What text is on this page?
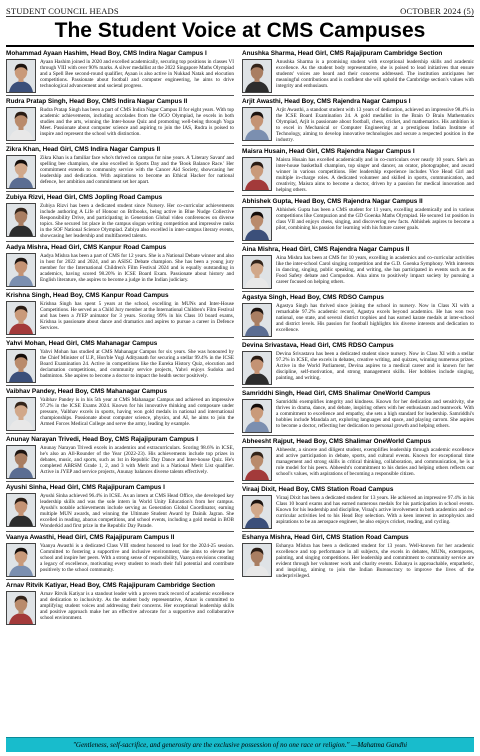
STUDENT COUNCIL HEADS	OCTOBER 2024 (5)
The Student Voice at CMS Campuses
Mohammad Ayaan Hashim, Head Boy, CMS Indira Nagar Campus I
Ayaan Hashim joined in 2020 and excelled academically, securing top positions in classes VI through VIII with over 90% marks. A silver medallist at the 2022 Singapore Maths Olympiad and a Spell Bee second-round qualifier, Ayaan is also active in Nukkad Natak and elocution competitions. Passionate about football and computer engineering, he aims to drive technological advancement and societal progress.
Rudra Pratap Singh, Head Boy, CMS Indira Nagar Campus II
Rudra Pratap Singh has been a part of CMS Indira Nagar Campus II for eight years. With top academic achievements, including accolades from the OGO Olympiad, he excels in both studies and the arts, winning the Inter-house Quiz and promoting well-being through Yoga Meet. Passionate about computer science and aspiring to join the IAS, Rudra is poised to inspire and represent the school with distinction.
Zikra Khan, Head Girl, CMS Indira Nagar Campus II
Zikra Khan is a familiar face who's thrived on campus for nine years. A 'Literary Savant' and spelling bee champion, she also excelled in Sports Day and the 'Book Balance Race.' Her commitment extends to community service with the Cancer Aid Society, showcasing her leadership and dedication. With aspirations to become an Ethical Hacker for national defence, her ambition and commitment set her apart.
Zubiya Rizvi, Head Girl, CMS Jopling Road Campus
Zubiya Rizvi has been a dedicated student since Nursery. Her co-curricular achievements include authoring A Life of Honour on Bribooks, being active in Blue Nudge Collective Responsibility Drive, and participating in Generation Global video conferences on diverse topics. She secured 1st place in the campus slogan writing competition and impressive ranks in the SOF National Science Olympiad. Zubiya also excelled in inter-campus literary events, showcasing her leadership and multifaceted talents.
Aadya Mishra, Head Girl, CMS Kanpur Road Campus
Aadya Mishra has been a part of CMS for 12 years. She is a National Debate winner and also in host for 2022 and 2024, and an ASISC Debate champion. She has been a young jury member for the International Children's Film Festival 2024 and is equally outstanding in academics, having scored 98.20% in ICSE Board Exam. Passionate about history and English literature, she aspires to become a judge in the Indian judiciary.
Krishna Singh, Head Boy, CMS Kanpur Road Campus
Krishna Singh has spent 5 years at the school, excelling in MUNs and Inter-House Competitions. He served as a Child Jury member at the International Children's Film Festival and has been a JYEP animator for 3 years. Scoring 99% in his Class 10 board exams, Krishna is passionate about dance and dramatics and aspires to pursue a career in Defence Services.
Yahvi Mohan, Head Girl, CMS Mahanagar Campus
Yahvi Mohan has studied at CMS Mahanagar Campus for six years. She was honoured by the Chief Minister of U.P., Hon'ble Yogi Adityanath for securing a stellar 99.4% in the ICSE Board Examination 24. Active in competitions like the Eureka History Quiz, elocution and declamation competitions, and community service projects, Yahvi enjoys Sudoku and badminton. She aspires to become a doctor to impact the health sector positively.
Vaibhav Pandey, Head Boy, CMS Mahanagar Campus
Vaibhav Pandey is in his 5th year at CMS Mahanagar Campus and achieved an impressive 97.2% in the ICSE Exams 2024. Known for his innovative thinking and composure under pressure, Vaibhav excels in sports, having won gold medals in national and international championships. Passionate about computer science, physics, and AI, he aims to join the Armed Forces Medical College and serve the army, leading by example.
Anunay Narayan Trivedi, Head Boy, CMS Rajajipuram Campus I
Anunay Narayan Trivedi excels in academics and extracurriculars. Scoring 98.6% in ICSE, he's also an All-Rounder of the Year (2022-23). His achievements include top prizes in debates, music, and sports, such as 1st in Republic Day Dance and Inter-house Quiz. He's completed ABRSM Grade 1, 2, and 3 with Merit and is a National Merit List qualifier. Active in JYEP and service projects, Anunay balances diverse talents effectively.
Ayushi Sinha, Head Girl, CMS Rajajipuram Campus I
Ayushi Sinha achieved 96.4% in ICSE. As an intern at CMS Head Office, she developed key leadership skills and was the sole intern in World Unity Education's from her campus. Ayushi's notable achievements include serving as Generation Global Coordinator, earning multiple MUN awards, and winning the Ultimate Student Award by Dainik Jagran. She excelled in reading, abacus competitions, and school events, including a gold medal in BOB Wonderkid and first prize in the Republic Day Parade.
Vaanya Awasthi, Head Girl, CMS Rajajipuram Campus II
Vaanya Awasthi is a dedicated Class VIII student honored to lead for the 2024-25 session. Committed to fostering a supportive and inclusive environment, she aims to elevate her school and inspire her peers. With a strong sense of responsibility, Vaanya envisions creating a legacy of excellence, motivating every student to reach their full potential and contribute positively to the school community.
Arnav Ritvik Katiyar, Head Boy, CMS Rajajipuram Cambridge Section
Arnav Ritvik Katiyar is a standout leader with a proven track record of academic excellence and dedication to inclusivity. As the student body representative, Arnav is committed to amplifying student voices and addressing their concerns. Her exceptional leadership skills and positive approach make her an effective advocate for a supportive and collaborative school environment.
Anushka Sharma, Head Girl, CMS Rajajipuram Cambridge Section
Anushka Sharma is a promising student with exceptional leadership skills and academic excellence. As the student body representative, she is poised to lead initiatives that ensure students' voices are heard and their concerns addressed. The institution anticipates her meaningful contributions and is confident she will uphold the Cambridge section's values with integrity and enthusiasm.
Arjit Awasthi, Head Boy, CMS Rajendra Nagar Campus I
Arjit Awasthi, a standout student with 13 years of dedication, achieved an impressive 98.4% in the ICSE Board Examination 24. A gold medallist in the Brain O Brain Mathematics Olympiad, Arjit is passionate about football, chess, cricket, and mathematics. His ambition is to excel in Mechanical or Computer Engineering at a prestigious Indian Institute of Technology, aiming to develop innovative technologies and secure a respected position in the industry.
Maisra Husain, Head Girl, CMS Rajendra Nagar Campus I
Maisra Husain has excelled academically and in co-curriculars over nearly 10 years. She's an inter-house basketball champion, top singer and dancer, an orator, photographer, and award winner in various competitions. Her leadership experience includes Vice Head Girl and multiple in-charge roles. A dedicated volunteer and skilled in sports, communication, and creativity, Maisra aims to become a doctor, driven by a passion for medical innovation and helping others.
Abhishek Gupta, Head Boy, CMS Rajendra Nagar Campus II
Abhishek Gupta has been a CMS student for 11 years, excelling academically and in various competitions like Compuzion and the GD Goenka Maths Olympiad. He secured 1st position in class VII and enjoys chess, singing, and discovering new facts. Abhishek aspires to become a pilot, combining his passion for learning with his future career goals.
Aina Mishra, Head Girl, CMS Rajendra Nagar Campus II
Aina Mishra has been at CMS for 10 years, excelling in academics and co-curricular activities like the inter-school Carol singing competition and the G.D. Goenka Symphony. With interests in dancing, singing, public speaking, and writing, she has participated in events such as the Food Safety debate and Compudon. Aina aims to positively impact society by pursuing a career focused on helping others.
Agastya Singh, Head Boy, CMS RDSO Campus
Agastya Singh has thrived since joining the school in nursery. Now in Class XI with a remarkable 97.2% academic record, Agastya excels beyond academics. He has won two national, one state, and several district trophies and has earned karate medals at inter-school and district levels. His passion for football highlights his diverse interests and dedication to excellence.
Devina Srivastava, Head Girl, CMS RDSO Campus
Devina Srivastava has been a dedicated student since nursery. Now in Class XI with a stellar 97.2% in ICSE, she excels in debates, creative writing, and quizzes, winning numerous prizes. Active in the World Parliament, Devina aspires to a medical career and is known for her discipline, self-motivation, and strong management skills. Her hobbies include singing, painting, and writing.
Samriddhi Singh, Head Girl, CMS Shalimar OneWorld Campus
Samriddhi exemplifies integrity and kindness. Known for her dedication and sensitivity, she thrives in drama, dance, and debate, inspiring others with her enthusiasm and teamwork. With a commitment to excellence and empathy, she sets a high standard for leadership. Samriddhi's hobbies include Mandala art, exploring languages and space, and playing carrom. She aspires to become a doctor, reflecting her dedication to personal growth and helping others.
Abheesht Rajput, Head Boy, CMS Shalimar OneWorld Campus
Abheesht, a sincere and diligent student, exemplifies leadership through academic excellence and active participation in debate, sports, and cultural events. Known for exceptional time management and strong skills in critical thinking, collaboration, and communication, he is a role model for his peers. Abheesht's commitment to his duties and helping others reflects our school's values, with aspirations of becoming a responsible citizen.
Viraaj Dixit, Head Boy, CMS Station Road Campus
Viraaj Dixit has been a dedicated student for 13 years. He achieved an impressive 97.4% in his Class 10 board exams and has earned numerous medals for his participation in school events. Known for his leadership and discipline, Viraaj's active involvement in both academics and co-curricular activities led to his Head Boy selection. With a keen interest in astrophysics and aspirations to be an aerospace engineer, he also enjoys cricket, reading, and cycling.
Eshanya Mishra, Head Girl, CMS Station Road Campus
Eshanya Mishra has been a dedicated student for 13 years. Well-known for her academic excellence and top performance in all subjects, she excels in debates, MUNs, extempores, painting, and singing competitions. Her leadership and commitment to community service are evident through her volunteer work and charity events. Eshanya is approachable, empathetic, and inspiring, aiming to join the Indian Bureaucracy to improve the lives of the underprivileged.
"Gentleness, self-sacrifice, and generosity are the exclusive possession of no one race or religion." —Mahatma Gandhi
